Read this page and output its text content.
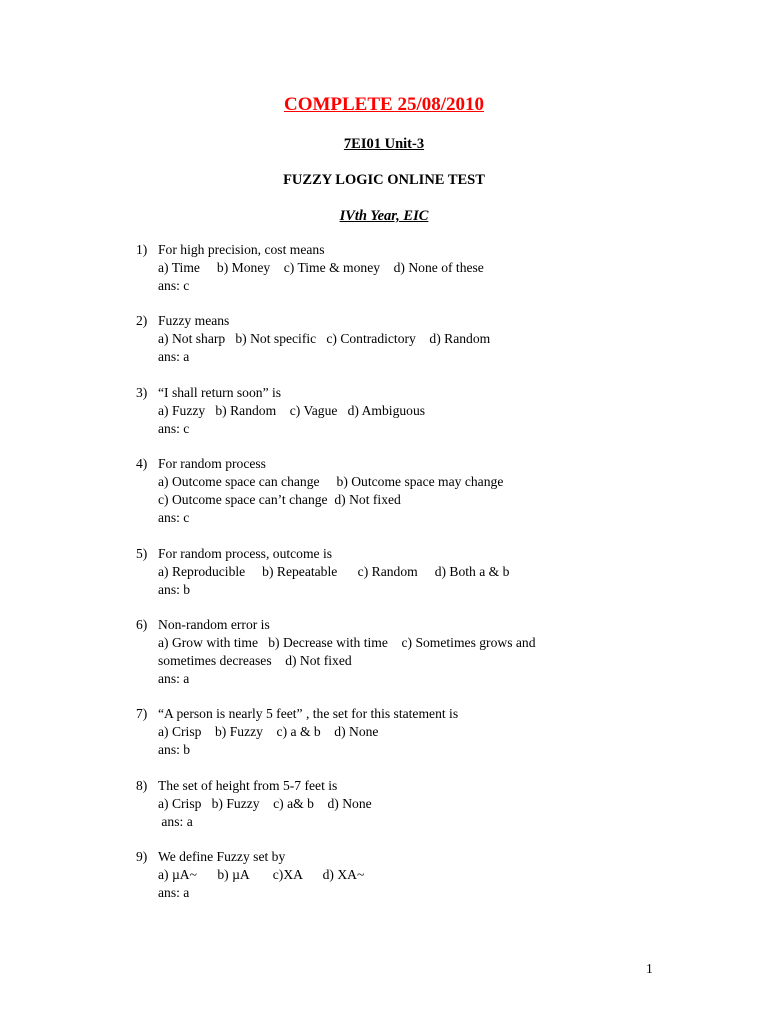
COMPLETE 25/08/2010
7EI01 Unit-3
FUZZY LOGIC ONLINE TEST
IVth Year, EIC
1) For high precision, cost means
a) Time     b) Money    c) Time & money    d) None of these
ans: c
2) Fuzzy means
a) Not sharp   b) Not specific   c) Contradictory    d) Random
ans: a
3) “I shall return soon” is
a) Fuzzy   b) Random    c) Vague   d) Ambiguous
ans: c
4) For random process
a) Outcome space can change     b) Outcome space may change
c) Outcome space can’t change  d) Not fixed
ans: c
5) For random process, outcome is
a) Reproducible     b) Repeatable      c) Random     d) Both a & b
ans: b
6) Non-random error is
a) Grow with time   b) Decrease with time    c) Sometimes grows and
sometimes decreases    d) Not fixed
ans: a
7) “A person is nearly 5 feet” , the set for this statement is
a) Crisp    b) Fuzzy    c) a & b    d) None
ans: b
8) The set of height from 5-7 feet is
a) Crisp   b) Fuzzy    c) a& b    d) None
ans: a
9) We define Fuzzy set by
a) µA~      b) µA       c)XA      d) XA~
ans: a
1
